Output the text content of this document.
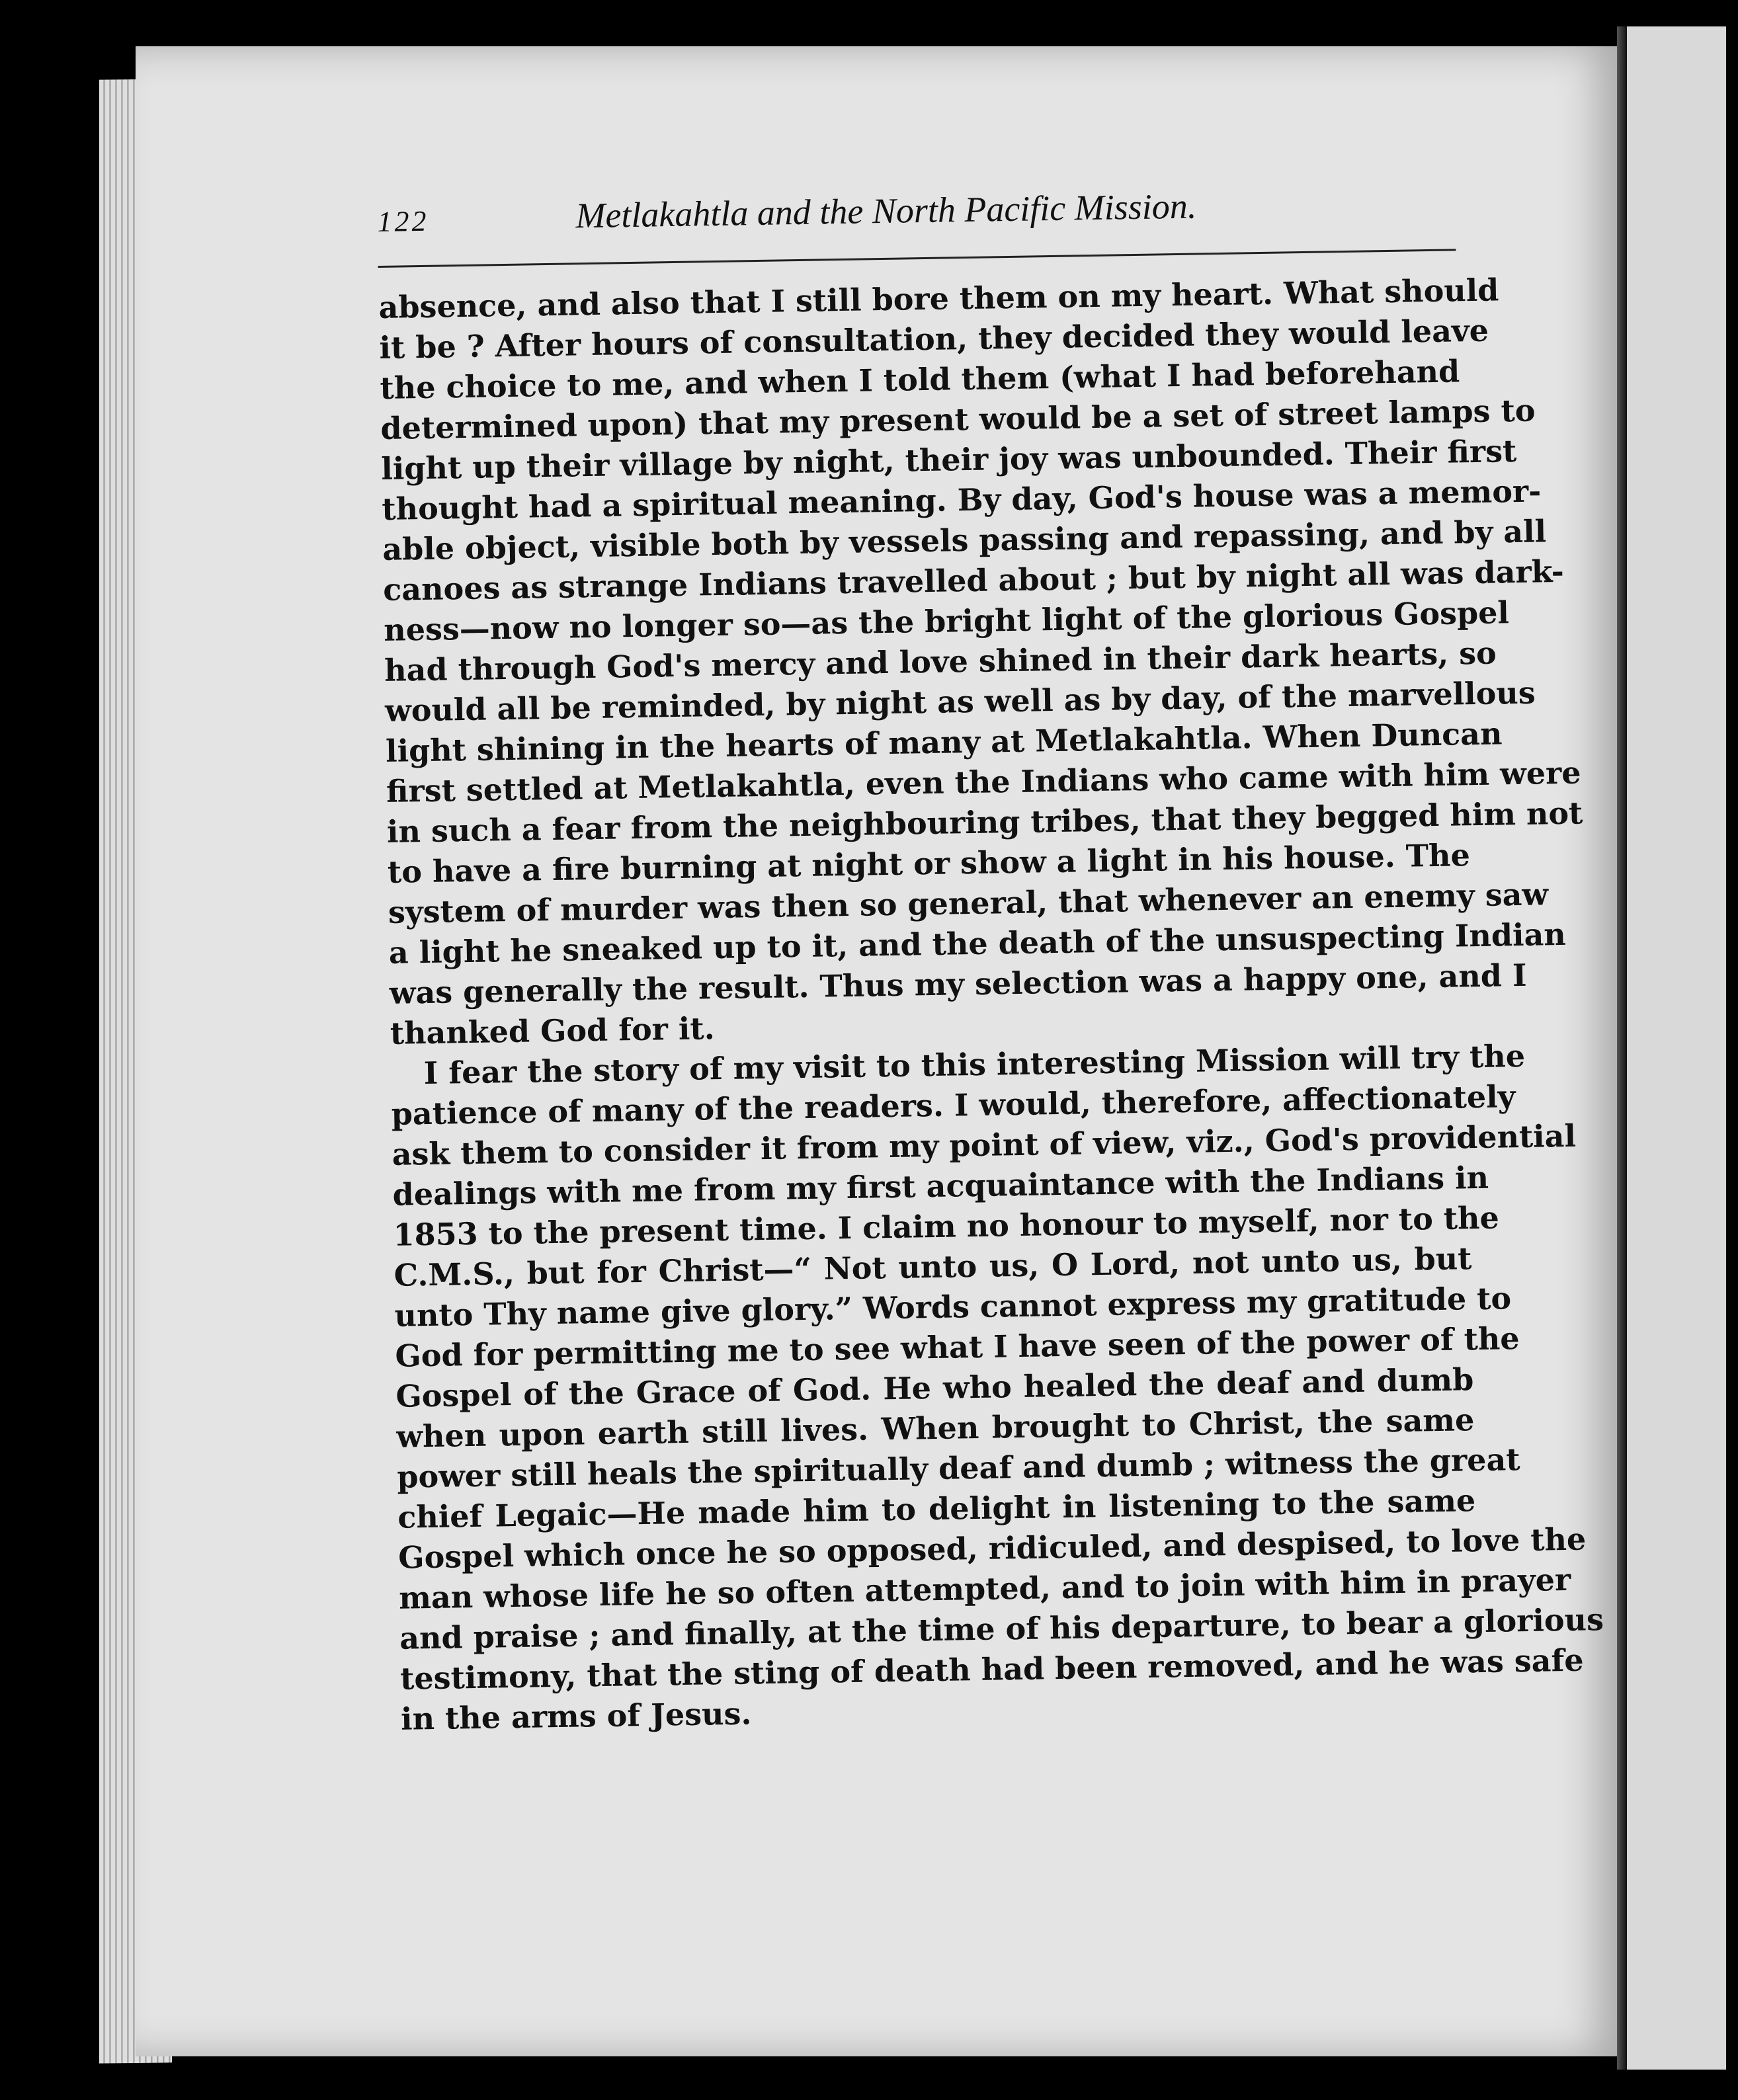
122	Metlakahtla and the North Pacific Mission.

absence, and also that I still bore them on my heart. What should
it be ? After hours of consultation, they decided they would leave
the choice to me, and when I told them (what I had beforehand
determined upon) that my present would be a set of street lamps to
light up their village by night, their joy was unbounded. Their first
thought had a spiritual meaning. By day, God's house was a memor-
able object, visible both by vessels passing and repassing, and by all
canoes as strange Indians travelled about ; but by night all was dark-
ness—now no longer so—as the bright light of the glorious Gospel
had through God's mercy and love shined in their dark hearts, so
would all be reminded, by night as well as by day, of the marvellous
light shining in the hearts of many at Metlakahtla. When Duncan
first settled at Metlakahtla, even the Indians who came with him were
in such a fear from the neighbouring tribes, that they begged him not
to have a fire burning at night or show a light in his house. The
system of murder was then so general, that whenever an enemy saw
a light he sneaked up to it, and the death of the unsuspecting Indian
was generally the result. Thus my selection was a happy one, and I
thanked God for it.

I fear the story of my visit to this interesting Mission will try the
patience of many of the readers. I would, therefore, affectionately
ask them to consider it from my point of view, viz., God's providential
dealings with me from my first acquaintance with the Indians in
1853 to the present time. I claim no honour to myself, nor to the
C.M.S., but for Christ—“ Not unto us, O Lord, not unto us, but
unto Thy name give glory.” Words cannot express my gratitude to
God for permitting me to see what I have seen of the power of the
Gospel of the Grace of God. He who healed the deaf and dumb
when upon earth still lives. When brought to Christ, the same
power still heals the spiritually deaf and dumb ; witness the great
chief Legaic—He made him to delight in listening to the same
Gospel which once he so opposed, ridiculed, and despised, to love the
man whose life he so often attempted, and to join with him in prayer
and praise ; and finally, at the time of his departure, to bear a glorious
testimony, that the sting of death had been removed, and he was safe
in the arms of Jesus.
